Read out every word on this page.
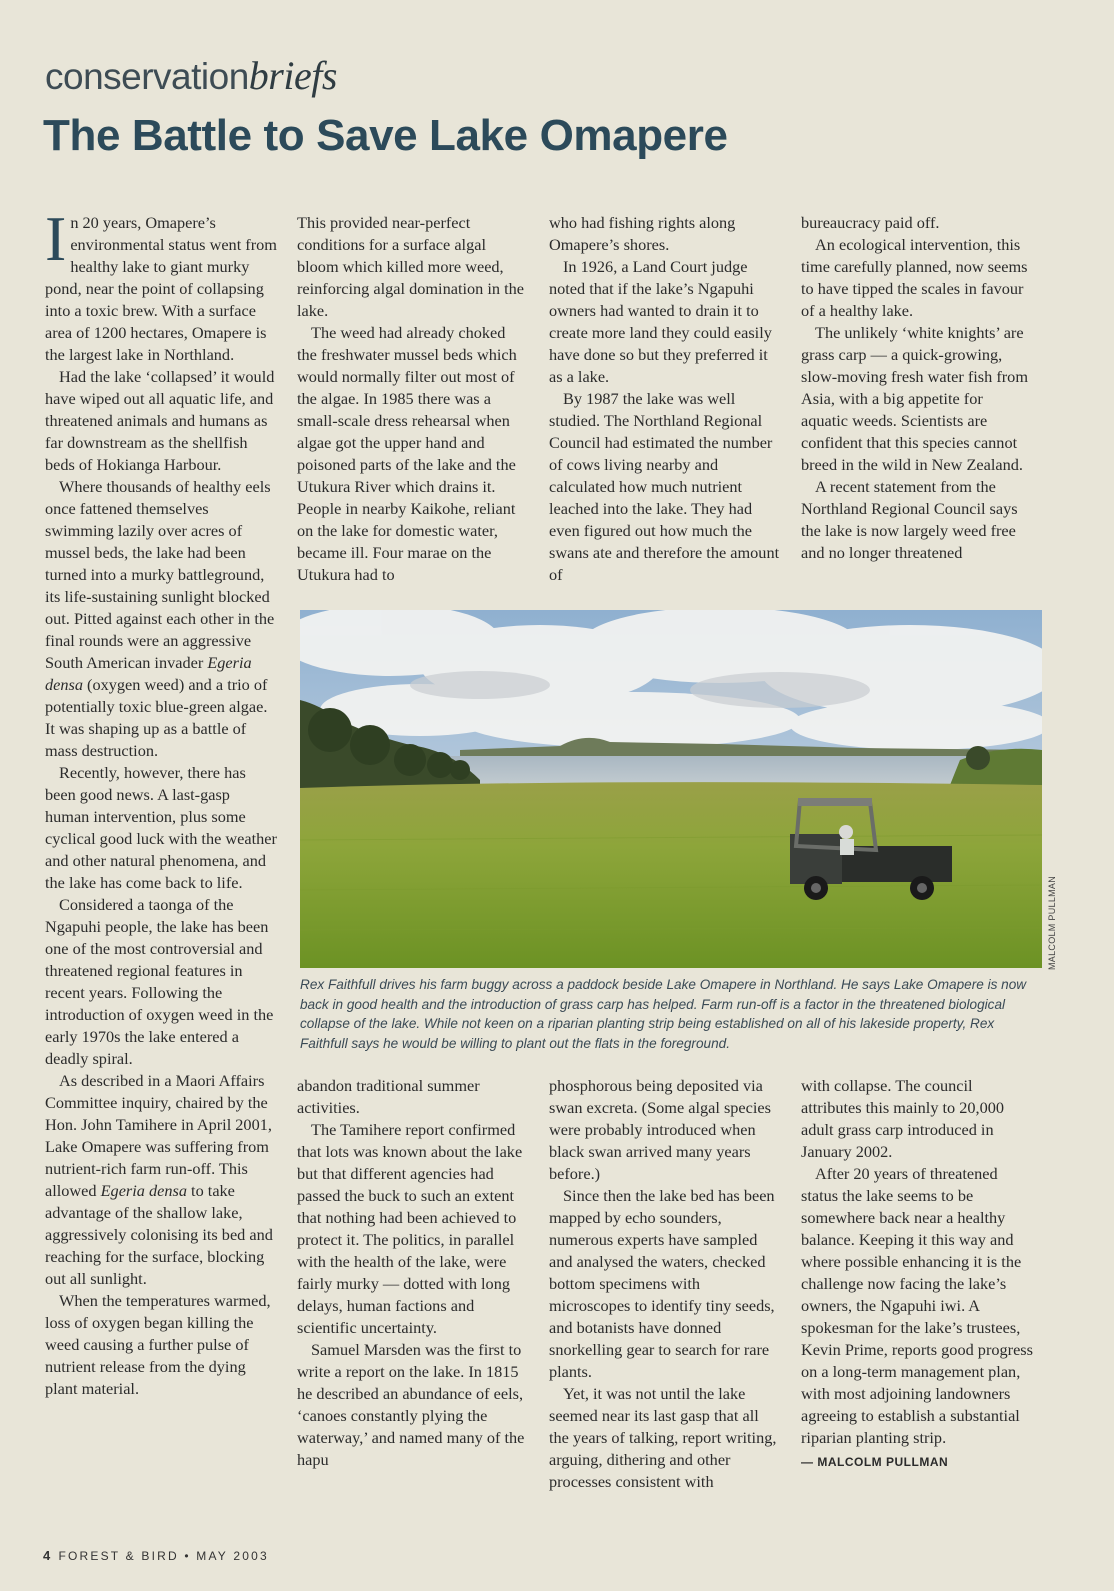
conservationbriefs
The Battle to Save Lake Omapere

In 20 years, Omapere’s environmental status went from healthy lake to giant murky pond, near the point of collapsing into a toxic brew. With a surface area of 1200 hectares, Omapere is the largest lake in Northland.

Had the lake ‘collapsed’ it would have wiped out all aquatic life, and threatened animals and humans as far downstream as the shellfish beds of Hokianga Harbour.

Where thousands of healthy eels once fattened themselves swimming lazily over acres of mussel beds, the lake had been turned into a murky battleground, its life-sustaining sunlight blocked out. Pitted against each other in the final rounds were an aggressive South American invader Egeria densa (oxygen weed) and a trio of potentially toxic blue-green algae. It was shaping up as a battle of mass destruction.

Recently, however, there has been good news. A last-gasp human intervention, plus some cyclical good luck with the weather and other natural phenomena, and the lake has come back to life.

Considered a taonga of the Ngapuhi people, the lake has been one of the most controversial and threatened regional features in recent years. Following the introduction of oxygen weed in the early 1970s the lake entered a deadly spiral.

As described in a Maori Affairs Committee inquiry, chaired by the Hon. John Tamihere in April 2001, Lake Omapere was suffering from nutrient-rich farm run-off. This allowed Egeria densa to take advantage of the shallow lake, aggressively colonising its bed and reaching for the surface, blocking out all sunlight.

When the temperatures warmed, loss of oxygen began killing the weed causing a further pulse of nutrient release from the dying plant material.

This provided near-perfect conditions for a surface algal bloom which killed more weed, reinforcing algal domination in the lake.

The weed had already choked the freshwater mussel beds which would normally filter out most of the algae. In 1985 there was a small-scale dress rehearsal when algae got the upper hand and poisoned parts of the lake and the Utukura River which drains it. People in nearby Kaikohe, reliant on the lake for domestic water, became ill. Four marae on the Utukura had to

who had fishing rights along Omapere’s shores.

In 1926, a Land Court judge noted that if the lake’s Ngapuhi owners had wanted to drain it to create more land they could easily have done so but they preferred it as a lake.

By 1987 the lake was well studied. The Northland Regional Council had estimated the number of cows living nearby and calculated how much nutrient leached into the lake. They had even figured out how much the swans ate and therefore the amount of

bureaucracy paid off.

An ecological intervention, this time carefully planned, now seems to have tipped the scales in favour of a healthy lake.

The unlikely ‘white knights’ are grass carp — a quick-growing, slow-moving fresh water fish from Asia, with a big appetite for aquatic weeds. Scientists are confident that this species cannot breed in the wild in New Zealand.

A recent statement from the Northland Regional Council says the lake is now largely weed free and no longer threatened

MALCOLM PULLMAN

Rex Faithfull drives his farm buggy across a paddock beside Lake Omapere in Northland. He says Lake Omapere is now back in good health and the introduction of grass carp has helped. Farm run-off is a factor in the threatened biological collapse of the lake. While not keen on a riparian planting strip being established on all of his lakeside property, Rex Faithfull says he would be willing to plant out the flats in the foreground.

abandon traditional summer activities.

The Tamihere report confirmed that lots was known about the lake but that different agencies had passed the buck to such an extent that nothing had been achieved to protect it. The politics, in parallel with the health of the lake, were fairly murky — dotted with long delays, human factions and scientific uncertainty.

Samuel Marsden was the first to write a report on the lake. In 1815 he described an abundance of eels, ‘canoes constantly plying the waterway,’ and named many of the hapu

phosphorous being deposited via swan excreta. (Some algal species were probably introduced when black swan arrived many years before.)

Since then the lake bed has been mapped by echo sounders, numerous experts have sampled and analysed the waters, checked bottom specimens with microscopes to identify tiny seeds, and botanists have donned snorkelling gear to search for rare plants.

Yet, it was not until the lake seemed near its last gasp that all the years of talking, report writing, arguing, dithering and other processes consistent with

with collapse. The council attributes this mainly to 20,000 adult grass carp introduced in January 2002.

After 20 years of threatened status the lake seems to be somewhere back near a healthy balance. Keeping it this way and where possible enhancing it is the challenge now facing the lake’s owners, the Ngapuhi iwi. A spokesman for the lake’s trustees, Kevin Prime, reports good progress on a long-term management plan, with most adjoining landowners agreeing to establish a substantial riparian planting strip.

— MALCOLM PULLMAN

4 FOREST & BIRD • MAY 2003
